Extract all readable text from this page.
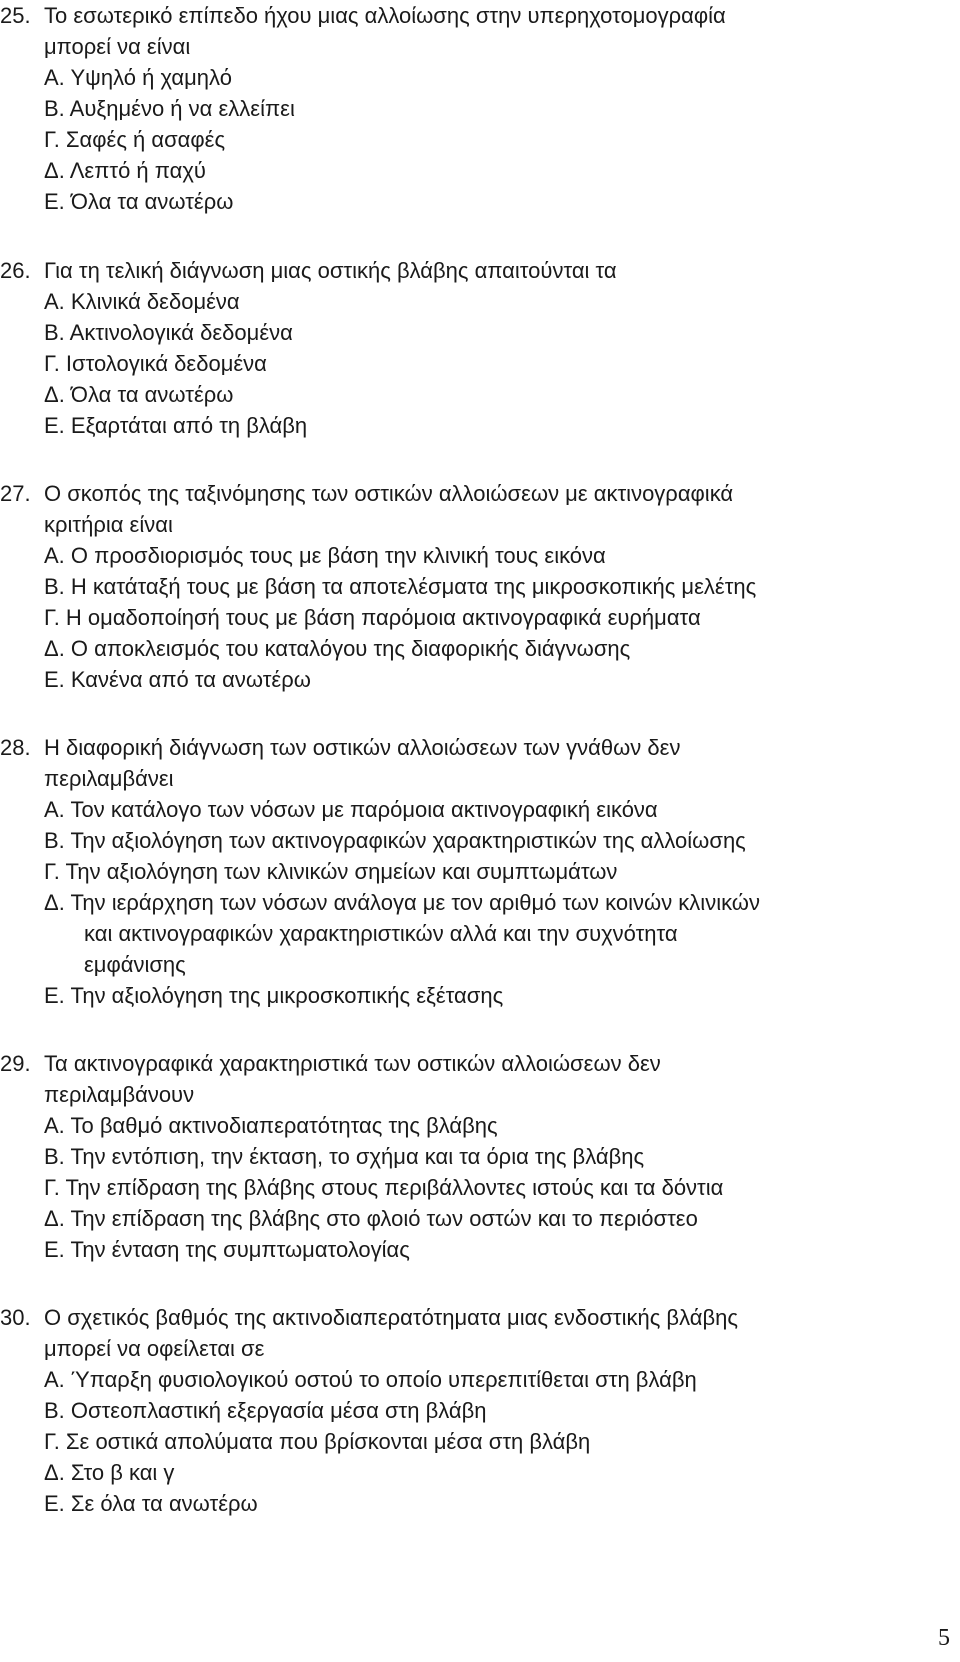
25. Το εσωτερικό επίπεδο ήχου μιας αλλοίωσης στην υπερηχοτομογραφία
μπορεί να είναι
Α. Υψηλό ή χαμηλό
Β. Αυξημένο ή να ελλείπει
Γ. Σαφές ή ασαφές
Δ. Λεπτό ή παχύ
Ε. Όλα τα ανωτέρω
26. Για τη τελική διάγνωση μιας οστικής βλάβης απαιτούνται τα
Α. Κλινικά δεδομένα
Β. Ακτινολογικά δεδομένα
Γ. Ιστολογικά δεδομένα
Δ. Όλα τα ανωτέρω
Ε. Εξαρτάται από τη βλάβη
27. Ο σκοπός της ταξινόμησης των οστικών αλλοιώσεων με ακτινογραφικά
κριτήρια είναι
Α. Ο προσδιορισμός τους με βάση την κλινική τους εικόνα
Β. Η κατάταξή τους με βάση τα αποτελέσματα της μικροσκοπικής μελέτης
Γ. Η ομαδοποίησή τους με βάση παρόμοια ακτινογραφικά ευρήματα
Δ. Ο αποκλεισμός του καταλόγου της διαφορικής διάγνωσης
Ε. Κανένα από τα ανωτέρω
28. Η διαφορική διάγνωση των οστικών αλλοιώσεων των γνάθων δεν
περιλαμβάνει
Α. Τον κατάλογο των νόσων με παρόμοια ακτινογραφική εικόνα
Β. Την αξιολόγηση των ακτινογραφικών χαρακτηριστικών της αλλοίωσης
Γ. Την αξιολόγηση των κλινικών σημείων και συμπτωμάτων
Δ. Την ιεράρχηση των νόσων ανάλογα με τον αριθμό των κοινών κλινικών
και ακτινογραφικών χαρακτηριστικών αλλά και την συχνότητα
εμφάνισης
Ε. Την αξιολόγηση της μικροσκοπικής εξέτασης
29. Τα ακτινογραφικά χαρακτηριστικά των οστικών αλλοιώσεων δεν
περιλαμβάνουν
Α. Το βαθμό ακτινοδιαπερατότητας της βλάβης
Β. Την εντόπιση, την έκταση, το σχήμα και τα όρια της βλάβης
Γ. Την επίδραση της βλάβης στους περιβάλλοντες ιστούς και τα δόντια
Δ. Την επίδραση της βλάβης στο φλοιό των οστών και το περιόστεο
Ε. Την ένταση της συμπτωματολογίας
30. Ο σχετικός βαθμός της ακτινοδιαπερατότηματα μιας ενδοστικής βλάβης
μπορεί να οφείλεται σε
Α. Ύπαρξη φυσιολογικού οστού το οποίο υπερεπιτίθεται στη βλάβη
Β. Οστεοπλαστική εξεργασία μέσα στη βλάβη
Γ. Σε οστικά απολύματα που βρίσκονται μέσα στη βλάβη
Δ. Στο β και γ
Ε. Σε όλα τα ανωτέρω
5
